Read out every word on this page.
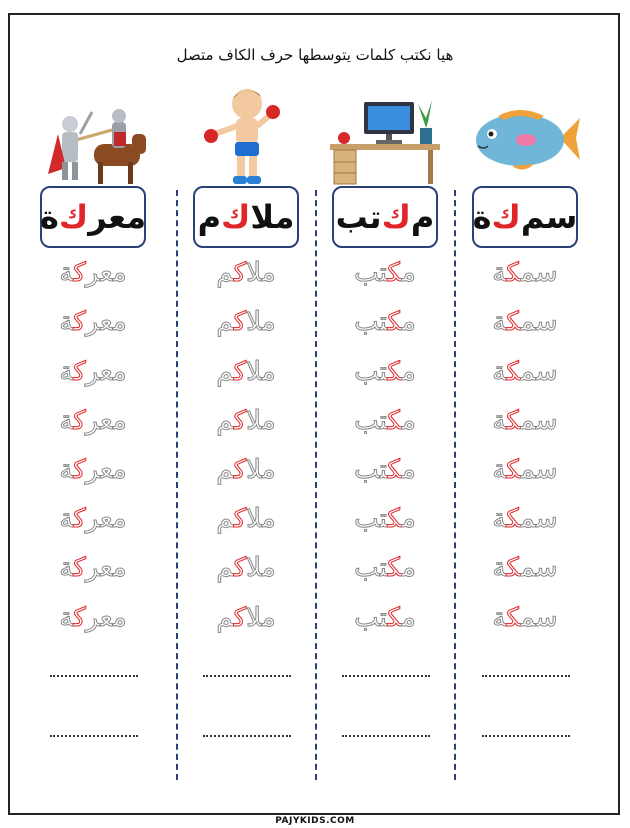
هيا نكتب كلمات يتوسطها حرف الكاف متصل
معر
ك
ة
معركة
معركة
معركة
معركة
معركة
معركة
معركة
معركة
ملا
ك
م
ملاكم
ملاكم
ملاكم
ملاكم
ملاكم
ملاكم
ملاكم
ملاكم
م
ك
تب
مكتب
مكتب
مكتب
مكتب
مكتب
مكتب
مكتب
مكتب
سم
ك
ة
سمكة
سمكة
سمكة
سمكة
سمكة
سمكة
سمكة
سمكة
PAJYKIDS.COM
